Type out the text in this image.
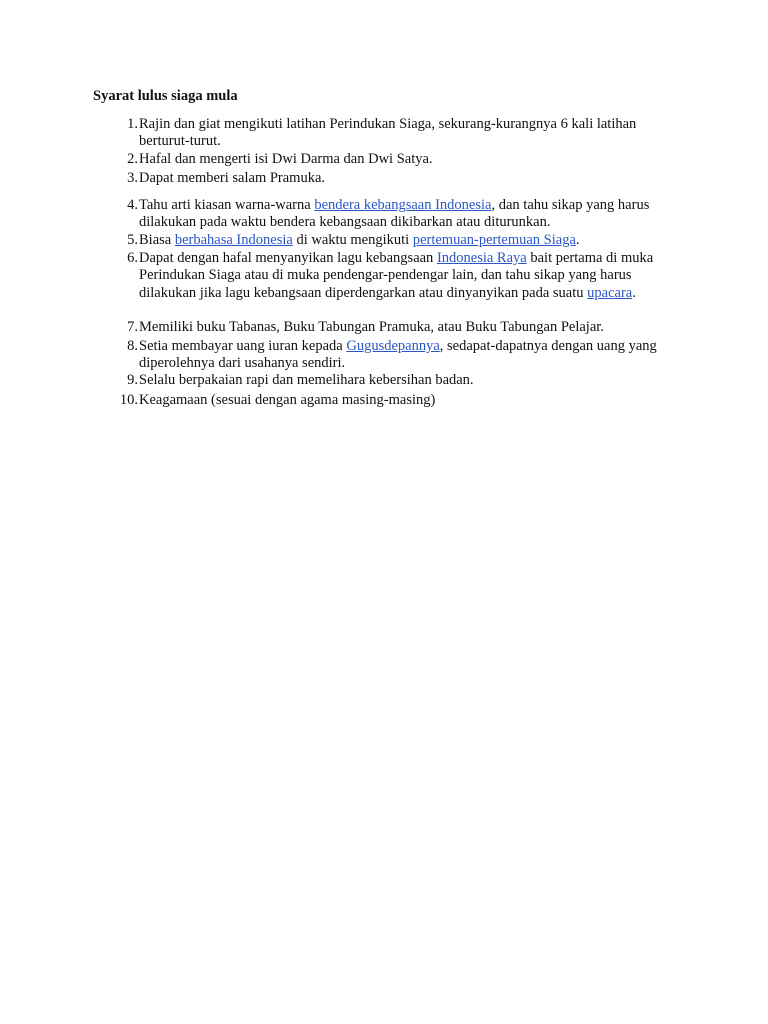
Syarat lulus siaga mula
1. Rajin dan giat mengikuti latihan Perindukan Siaga, sekurang-kurangnya 6 kali latihan berturut-turut.
2. Hafal dan mengerti isi Dwi Darma dan Dwi Satya.
3. Dapat memberi salam Pramuka.
4. Tahu arti kiasan warna-warna bendera kebangsaan Indonesia, dan tahu sikap yang harus dilakukan pada waktu bendera kebangsaan dikibarkan atau diturunkan.
5. Biasa berbahasa Indonesia di waktu mengikuti pertemuan-pertemuan Siaga.
6. Dapat dengan hafal menyanyikan lagu kebangsaan Indonesia Raya bait pertama di muka Perindukan Siaga atau di muka pendengar-pendengar lain, dan tahu sikap yang harus dilakukan jika lagu kebangsaan diperdengarkan atau dinyanyikan pada suatu upacara.
7. Memiliki buku Tabanas, Buku Tabungan Pramuka, atau Buku Tabungan Pelajar.
8. Setia membayar uang iuran kepada Gugusdepannya, sedapat-dapatnya dengan uang yang diperolehnya dari usahanya sendiri.
9. Selalu berpakaian rapi dan memelihara kebersihan badan.
10. Keagamaan (sesuai dengan agama masing-masing)
